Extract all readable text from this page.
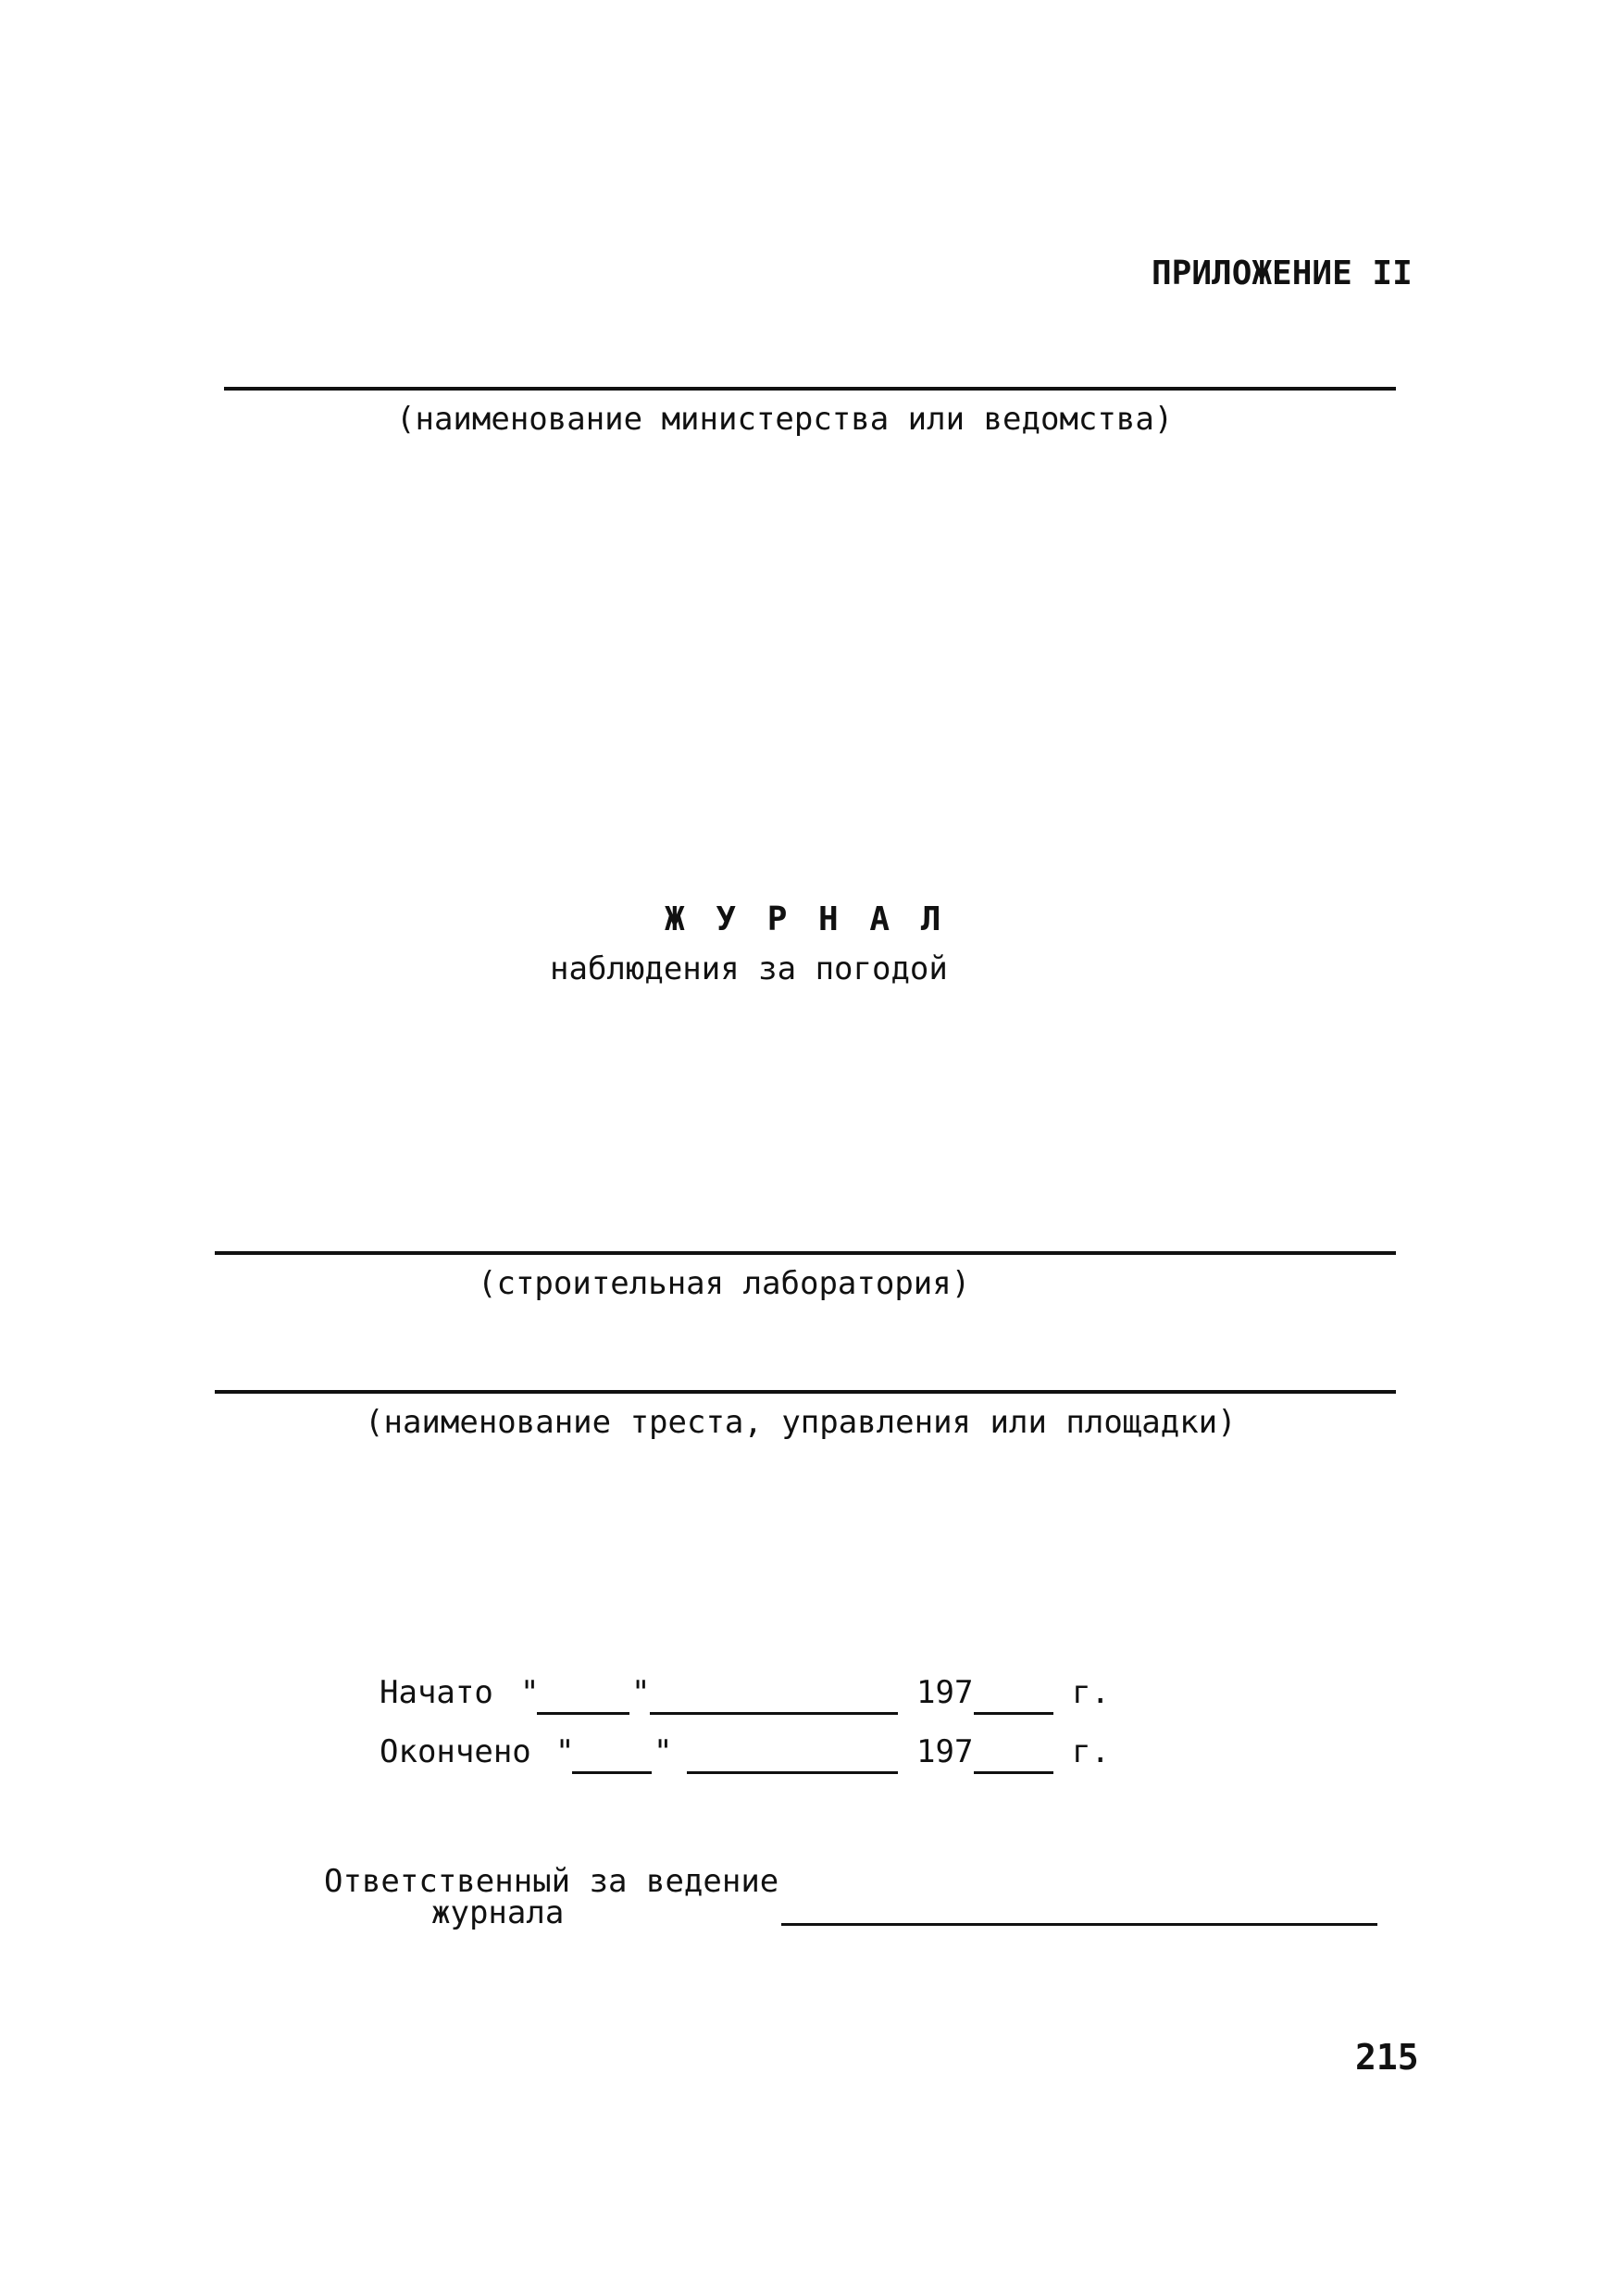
ПРИЛОЖЕНИЕ II
(наименование министерства или ведомства)
Ж У Р Н А Л
наблюдения за погодой
(строительная лаборатория)
(наименование треста, управления или площадки)
Начато "	"	197	г.
Окончено "	"	197	г.
Ответственный за ведение
журнала
215
